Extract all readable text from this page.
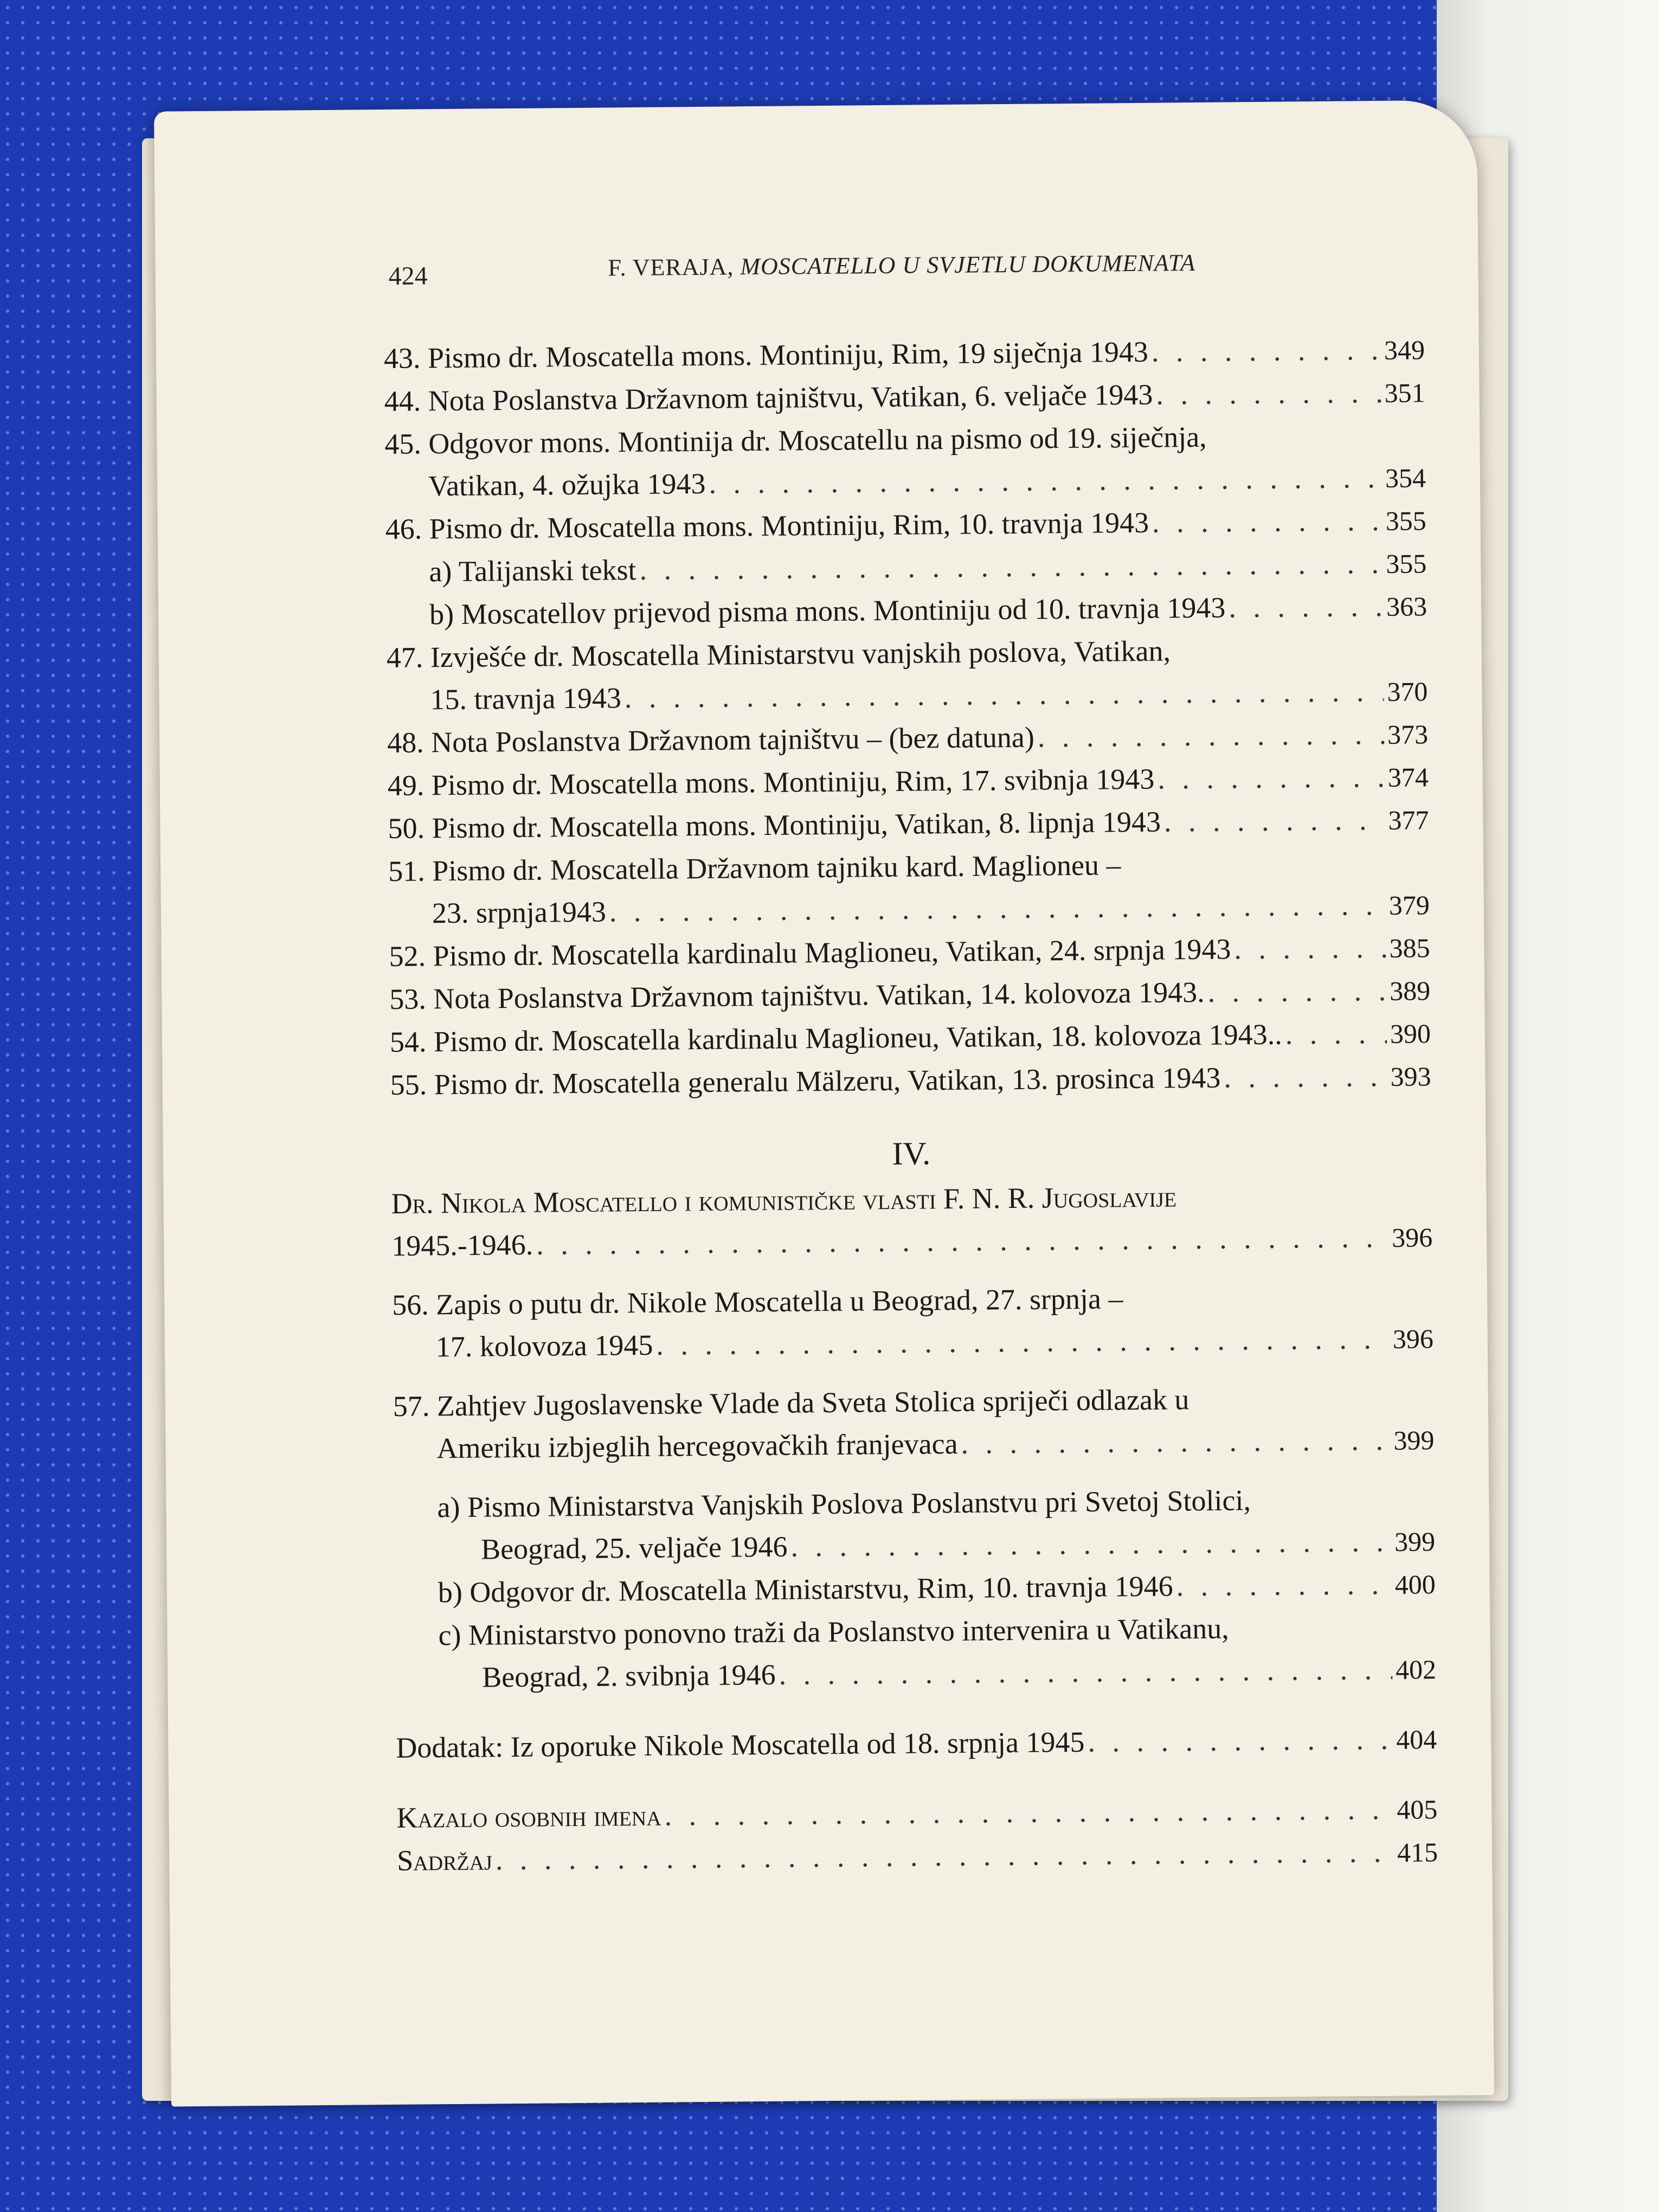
424	F. VERAJA, MOSCATELLO U SVJETLU DOKUMENATA
43. Pismo dr. Moscatella mons. Montiniju, Rim, 19 siječnja 1943 . . .	349
44. Nota Poslanstva Državnom tajništvu, Vatikan, 6. veljače 1943 . . .	351
45. Odgovor mons. Montinija dr. Moscatellu na pismo od 19. siječnja,
Vatikan, 4. ožujka 1943 . . .	354
46. Pismo dr. Moscatella mons. Montiniju, Rim, 10. travnja 1943 . . .	355
a) Talijanski tekst . . .	355
b) Moscatellov prijevod pisma mons. Montiniju od 10. travnja 1943 . . .	363
47. Izvješće dr. Moscatella Ministarstvu vanjskih poslova, Vatikan,
15. travnja 1943 . . .	370
48. Nota Poslanstva Državnom tajništvu – (bez datuna) . . .	373
49. Pismo dr. Moscatella mons. Montiniju, Rim, 17. svibnja 1943 . . .	374
50. Pismo dr. Moscatella mons. Montiniju, Vatikan, 8. lipnja 1943 . . .	377
51. Pismo dr. Moscatella Državnom tajniku kard. Maglioneu –
23. srpnja1943 . . .	379
52. Pismo dr. Moscatella kardinalu Maglioneu, Vatikan, 24. srpnja 1943 . . .	385
53. Nota Poslanstva Državnom tajništvu. Vatikan, 14. kolovoza 1943. . . .	389
54. Pismo dr. Moscatella kardinalu Maglioneu, Vatikan, 18. kolovoza 1943.. . . .	390
55. Pismo dr. Moscatella generalu Mälzeru, Vatikan, 13. prosinca 1943 . . .	393
IV.
Dr. Nikola Moscatello i komunističke vlasti F. N. R. Jugoslavije
1945.-1946. . . .	396
56. Zapis o putu dr. Nikole Moscatella u Beograd, 27. srpnja –
17. kolovoza 1945 . . .	396
57. Zahtjev Jugoslavenske Vlade da Sveta Stolica spriječi odlazak u
Ameriku izbjeglih hercegovačkih franjevaca . . .	399
a) Pismo Ministarstva Vanjskih Poslova Poslanstvu pri Svetoj Stolici,
Beograd, 25. veljače 1946 . . .	399
b) Odgovor dr. Moscatella Ministarstvu, Rim, 10. travnja 1946 . . .	400
c) Ministarstvo ponovno traži da Poslanstvo intervenira u Vatikanu,
Beograd, 2. svibnja 1946 . . .	402
Dodatak: Iz oporuke Nikole Moscatella od 18. srpnja 1945 . . .	404
Kazalo osobnih imena . . .	405
Sadržaj . . .	415
